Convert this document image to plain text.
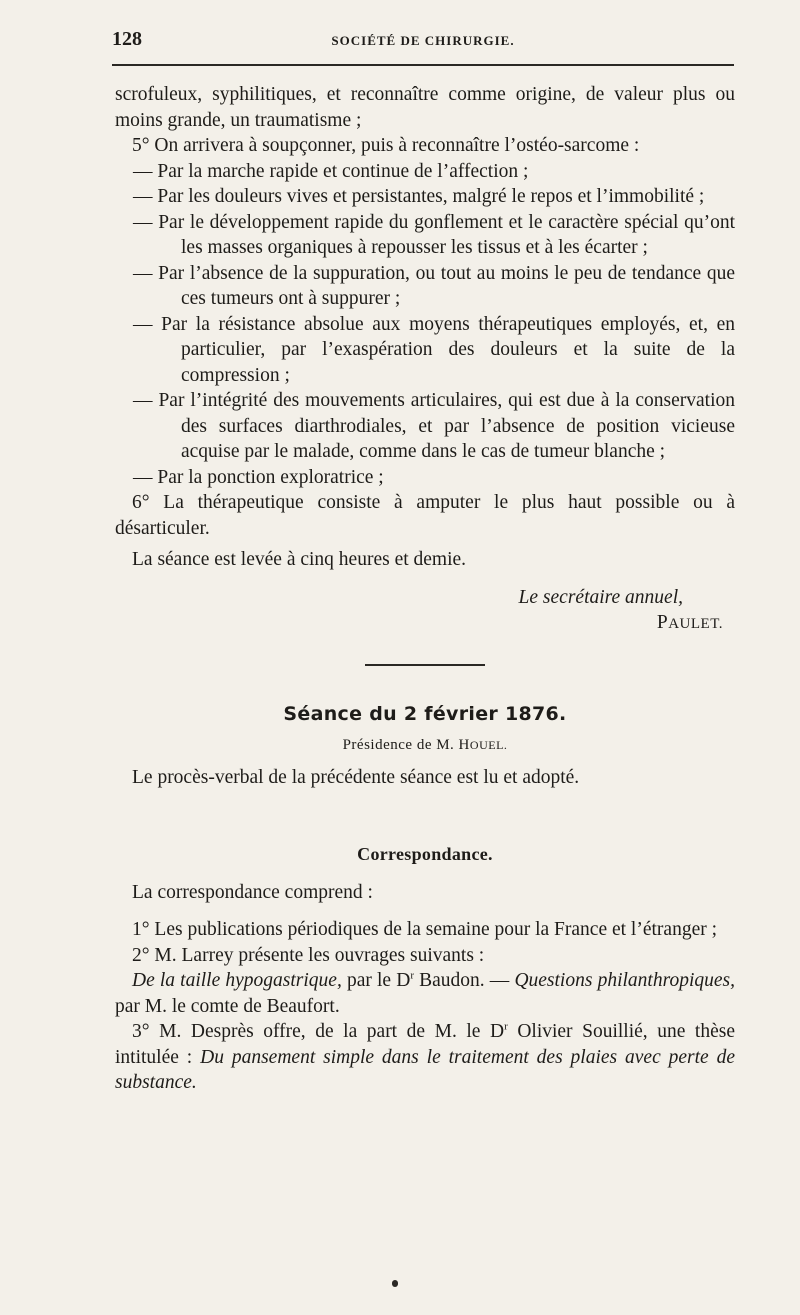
128	SOCIÉTÉ DE CHIRURGIE.

scrofuleux, syphilitiques, et reconnaître comme origine, de valeur plus ou moins grande, un traumatisme ;

5° On arrivera à soupçonner, puis à reconnaître l’ostéo-sarcome :

— Par la marche rapide et continue de l’affection ;

— Par les douleurs vives et persistantes, malgré le repos et l’immobilité ;

— Par le développement rapide du gonflement et le caractère spécial qu’ont les masses organiques à repousser les tissus et à les écarter ;

— Par l’absence de la suppuration, ou tout au moins le peu de tendance que ces tumeurs ont à suppurer ;

— Par la résistance absolue aux moyens thérapeutiques employés, et, en particulier, par l’exaspération des douleurs et la suite de la compression ;

— Par l’intégrité des mouvements articulaires, qui est due à la conservation des surfaces diarthrodiales, et par l’absence de position vicieuse acquise par le malade, comme dans le cas de tumeur blanche ;

— Par la ponction exploratrice ;

6° La thérapeutique consiste à amputer le plus haut possible ou à désarticuler.

La séance est levée à cinq heures et demie.

Le secrétaire annuel,
PAULET.
Séance du 2 février 1876.
Présidence de M. HOUEL.

Le procès-verbal de la précédente séance est lu et adopté.

Correspondance.

La correspondance comprend :

1° Les publications périodiques de la semaine pour la France et l’étranger ;

2° M. Larrey présente les ouvrages suivants :

De la taille hypogastrique, par le $D^r$ Baudon. — Questions philanthropiques, par M. le comte de Beaufort.

3° M. Desprès offre, de la part de M. le $D^r$ Olivier Souillié, une thèse intitulée : Du pansement simple dans le traitement des plaies avec perte de substance.
